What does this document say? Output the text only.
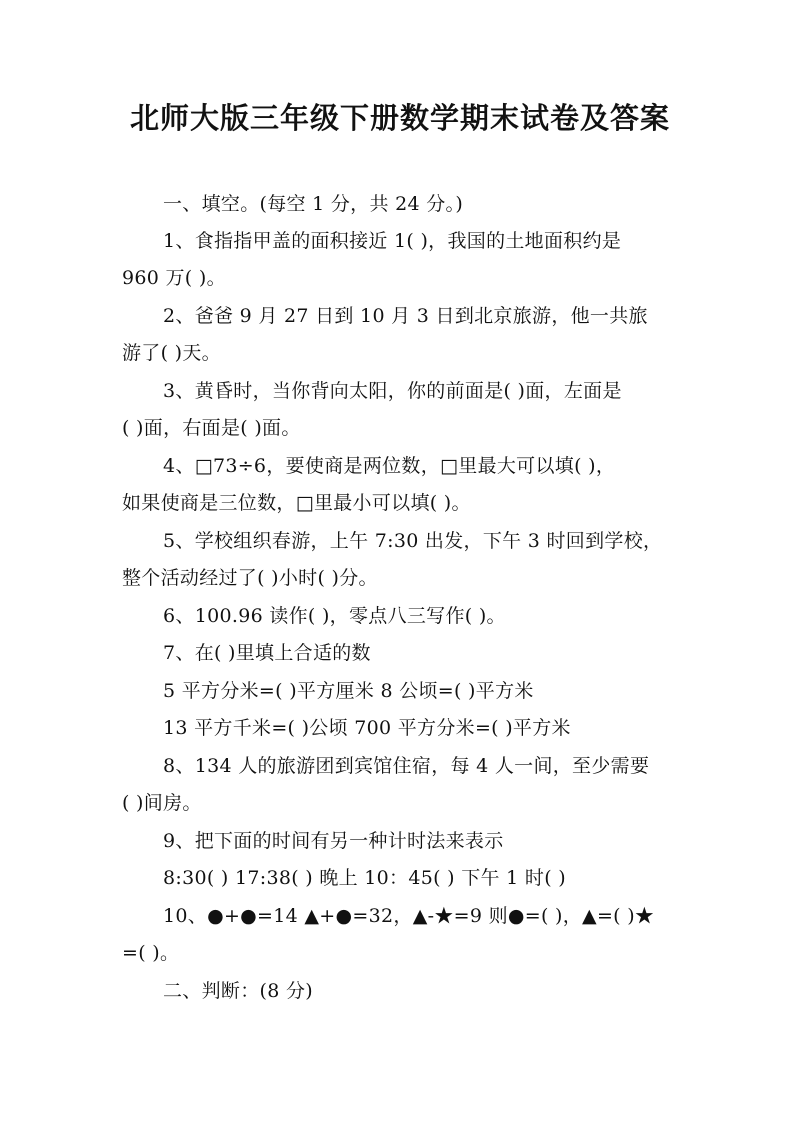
北师大版三年级下册数学期末试卷及答案
一、填空。(每空 1 分，共 24 分。)
1、食指指甲盖的面积接近 1( )，我国的土地面积约是
960 万( )。
2、爸爸 9 月 27 日到 10 月 3 日到北京旅游，他一共旅
游了( )天。
3、黄昏时，当你背向太阳，你的前面是( )面，左面是
( )面，右面是( )面。
4、□73÷6，要使商是两位数，□里最大可以填( )，
如果使商是三位数，□里最小可以填( )。
5、学校组织春游，上午 7:30 出发，下午 3 时回到学校，
整个活动经过了( )小时( )分。
6、100.96 读作( )，零点八三写作( )。
7、在( )里填上合适的数
5 平方分米=( )平方厘米 8 公顷=( )平方米
13 平方千米=( )公顷 700 平方分米=( )平方米
8、134 人的旅游团到宾馆住宿，每 4 人一间，至少需要
( )间房。
9、把下面的时间有另一种计时法来表示
8:30( ) 17:38( ) 晚上 10：45( ) 下午 1 时( )
10、●+●=14 ▲+●=32，▲-★=9 则●=( )，▲=( )★
=( )。
二、判断：(8 分)
